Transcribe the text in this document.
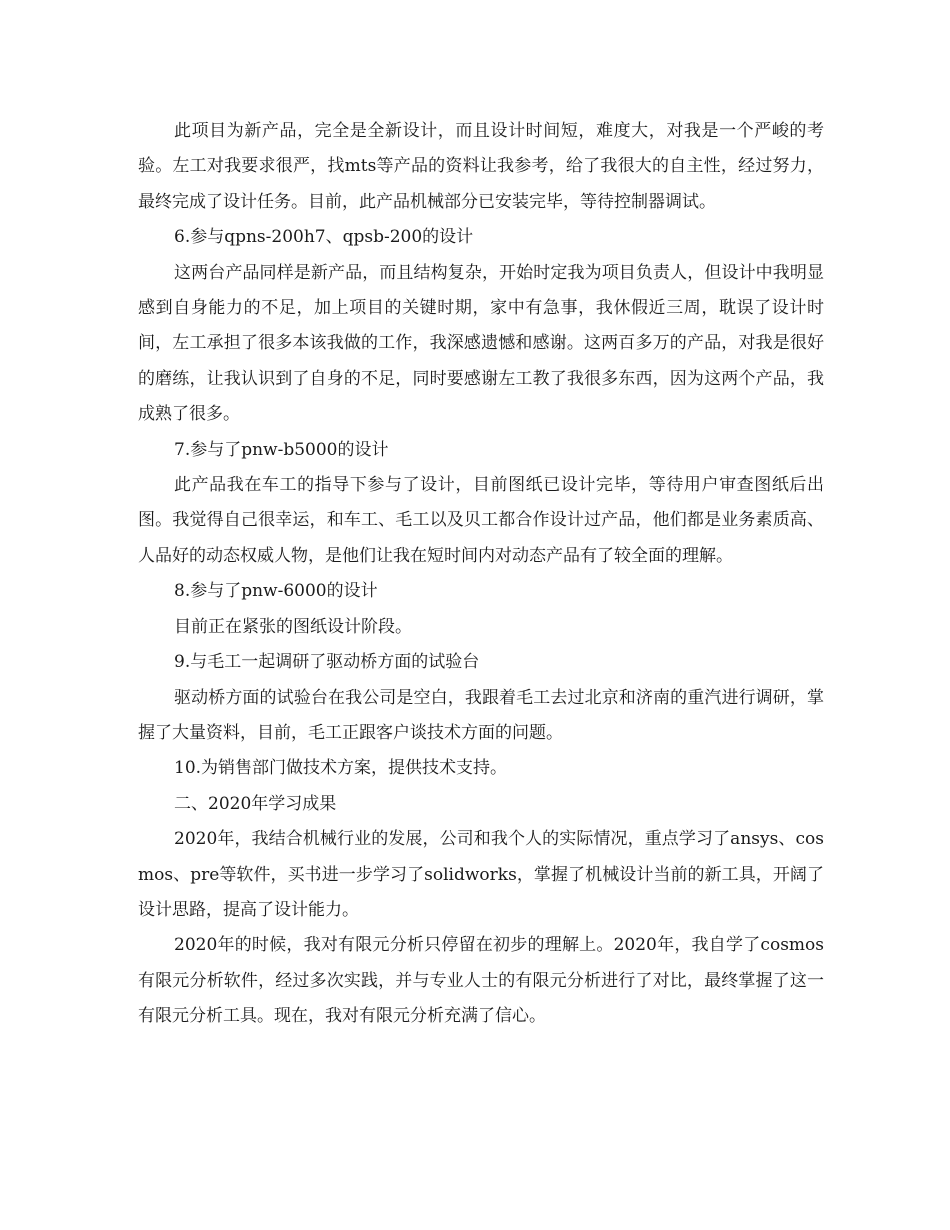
此项目为新产品，完全是全新设计，而且设计时间短，难度大，对我是一个严峻的考验。左工对我要求很严，找mts等产品的资料让我参考，给了我很大的自主性，经过努力，最终完成了设计任务。目前，此产品机械部分已安装完毕，等待控制器调试。

6.参与qpns-200h7、qpsb-200的设计

这两台产品同样是新产品，而且结构复杂，开始时定我为项目负责人，但设计中我明显感到自身能力的不足，加上项目的关键时期，家中有急事，我休假近三周，耽误了设计时间，左工承担了很多本该我做的工作，我深感遗憾和感谢。这两百多万的产品，对我是很好的磨练，让我认识到了自身的不足，同时要感谢左工教了我很多东西，因为这两个产品，我成熟了很多。

7.参与了pnw-b5000的设计

此产品我在车工的指导下参与了设计，目前图纸已设计完毕，等待用户审查图纸后出图。我觉得自己很幸运，和车工、毛工以及贝工都合作设计过产品，他们都是业务素质高、人品好的动态权威人物，是他们让我在短时间内对动态产品有了较全面的理解。

8.参与了pnw-6000的设计

目前正在紧张的图纸设计阶段。

9.与毛工一起调研了驱动桥方面的试验台

驱动桥方面的试验台在我公司是空白，我跟着毛工去过北京和济南的重汽进行调研，掌握了大量资料，目前，毛工正跟客户谈技术方面的问题。

10.为销售部门做技术方案，提供技术支持。

二、2020年学习成果

2020年，我结合机械行业的发展，公司和我个人的实际情况，重点学习了ansys、cosmos、pre等软件，买书进一步学习了solidworks，掌握了机械设计当前的新工具，开阔了设计思路，提高了设计能力。

2020年的时候，我对有限元分析只停留在初步的理解上。2020年，我自学了cosmos有限元分析软件，经过多次实践，并与专业人士的有限元分析进行了对比，最终掌握了这一有限元分析工具。现在，我对有限元分析充满了信心。
